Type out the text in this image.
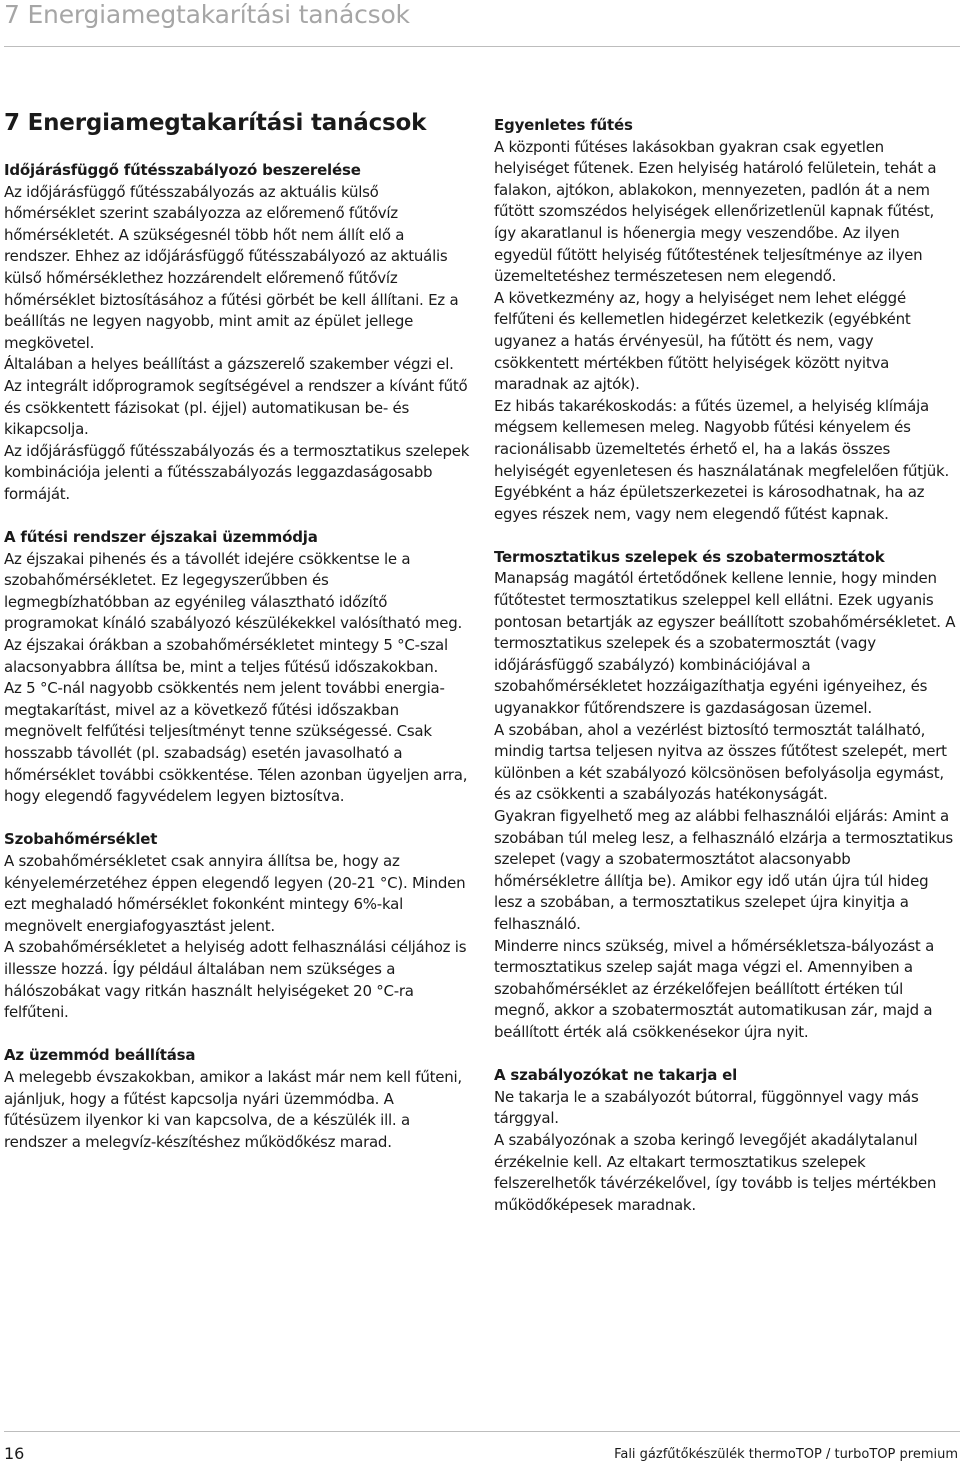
7 Energiamegtakarítási tanácsok
7 Energiamegtakarítási tanácsok
Időjárásfüggő fűtésszabályozó beszerelése

Az időjárásfüggő fűtésszabályozás az aktuális külső hőmérséklet szerint szabályozza az előremenő fűtővíz hőmérsékletét. A szükségesnél több hőt nem állít elő a rendszer. Ehhez az időjárásfüggő fűtésszabályozó az aktuális külső hőmérséklethez hozzárendelt előremenő fűtővíz hőmérséklet biztosításához a fűtési görbét be kell állítani. Ez a beállítás ne legyen nagyobb, mint amit az épület jellege megkövetel.

Általában a helyes beállítást a gázszerelő szakember végzi el. Az integrált időprogramok segítségével a rendszer a kívánt fűtő és csökkentett fázisokat (pl. éjjel) automatikusan be- és kikapcsolja.

Az időjárásfüggő fűtésszabályozás és a termosztatikus szelepek kombinációja jelenti a fűtésszabályozás leggazdaságosabb formáját.

A fűtési rendszer éjszakai üzemmódja

Az éjszakai pihenés és a távollét idejére csökkentse le a szobahőmérsékletet. Ez legegyszerűbben és legmegbízhatóbban az egyénileg választható időzítő programokat kínáló szabályozó készülékekkel valósítható meg.

Az éjszakai órákban a szobahőmérsékletet mintegy 5 °C-szal alacsonyabbra állítsa be, mint a teljes fűtésű időszakokban.

Az 5 °C-nál nagyobb csökkentés nem jelent további energia-megtakarítást, mivel az a következő fűtési időszakban megnövelt felfűtési teljesítményt tenne szükségessé. Csak hosszabb távollét (pl. szabadság) esetén javasolható a hőmérséklet további csökkentése. Télen azonban ügyeljen arra, hogy elegendő fagyvédelem legyen biztosítva.

Szobahőmérséklet

A szobahőmérsékletet csak annyira állítsa be, hogy az kényelemérzetéhez éppen elegendő legyen (20-21 °C). Minden ezt meghaladó hőmérséklet fokonként mintegy 6%-kal megnövelt energiafogyasztást jelent.

A szobahőmérsékletet a helyiség adott felhasználási céljához is illessze hozzá. Így például általában nem szükséges a hálószobákat vagy ritkán használt helyiségeket 20 °C-ra felfűteni.

Az üzemmód beállítása

A melegebb évszakokban, amikor a lakást már nem kell fűteni, ajánljuk, hogy a fűtést kapcsolja nyári üzemmódba. A fűtésüzem ilyenkor ki van kapcsolva, de a készülék ill. a rendszer a melegvíz-készítéshez működőkész marad.

Egyenletes fűtés

A központi fűtéses lakásokban gyakran csak egyetlen helyiséget fűtenek. Ezen helyiség határoló felületein, tehát a falakon, ajtókon, ablakokon, mennyezeten, padlón át a nem fűtött szomszédos helyiségek ellenőrizetlenül kapnak fűtést, így akaratlanul is hőenergia megy veszendőbe. Az ilyen egyedül fűtött helyiség fűtőtestének teljesítménye az ilyen üzemeltetéshez természetesen nem elegendő.

A következmény az, hogy a helyiséget nem lehet eléggé felfűteni és kellemetlen hidegérzet keletkezik (egyébként ugyanez a hatás érvényesül, ha fűtött és nem, vagy csökkentett mértékben fűtött helyiségek között nyitva maradnak az ajtók).

Ez hibás takarékoskodás: a fűtés üzemel, a helyiség klímája mégsem kellemesen meleg. Nagyobb fűtési kényelem és racionálisabb üzemeltetés érhető el, ha a lakás összes helyiségét egyenletesen és használatának megfelelően fűtjük.

Egyébként a ház épületszerkezetei is károsodhatnak, ha az egyes részek nem, vagy nem elegendő fűtést kapnak.

Termosztatikus szelepek és szobatermosztátok

Manapság magától értetődőnek kellene lennie, hogy minden fűtőtestet termosztatikus szeleppel kell ellátni. Ezek ugyanis pontosan betartják az egyszer beállított szobahőmérsékletet. A termosztatikus szelepek és a szobatermosztát (vagy időjárásfüggő szabályzó) kombinációjával a szobahőmérsékletet hozzáigazíthatja egyéni igényeihez, és ugyanakkor fűtőrendszere is gazdaságosan üzemel.

A szobában, ahol a vezérlést biztosító termosztát található, mindig tartsa teljesen nyitva az összes fűtőtest szelepét, mert különben a két szabályozó kölcsönösen befolyásolja egymást, és az csökkenti a szabályozás hatékonyságát.

Gyakran figyelhető meg az alábbi felhasználói eljárás: Amint a szobában túl meleg lesz, a felhasználó elzárja a termosztatikus szelepet (vagy a szobatermosztátot alacsonyabb hőmérsékletre állítja be). Amikor egy idő után újra túl hideg lesz a szobában, a termosztatikus szelepet újra kinyitja a felhasználó.

Minderre nincs szükség, mivel a hőmérsékletsza-bályozást a termosztatikus szelep saját maga végzi el. Amennyiben a szobahőmérséklet az érzékelőfejen beállított értéken túl megnő, akkor a szobatermosztát automatikusan zár, majd a beállított érték alá csökkenésekor újra nyit.

A szabályozókat ne takarja el

Ne takarja le a szabályozót bútorral, függönnyel vagy más tárggyal.

A szabályozónak a szoba keringő levegőjét akadálytalanul érzékelnie kell. Az eltakart termosztatikus szelepek felszerelhetők távérzékelővel, így tovább is teljes mértékben működőképesek maradnak.

16	Fali gázfűtőkészülék thermoTOP / turboTOP premium
